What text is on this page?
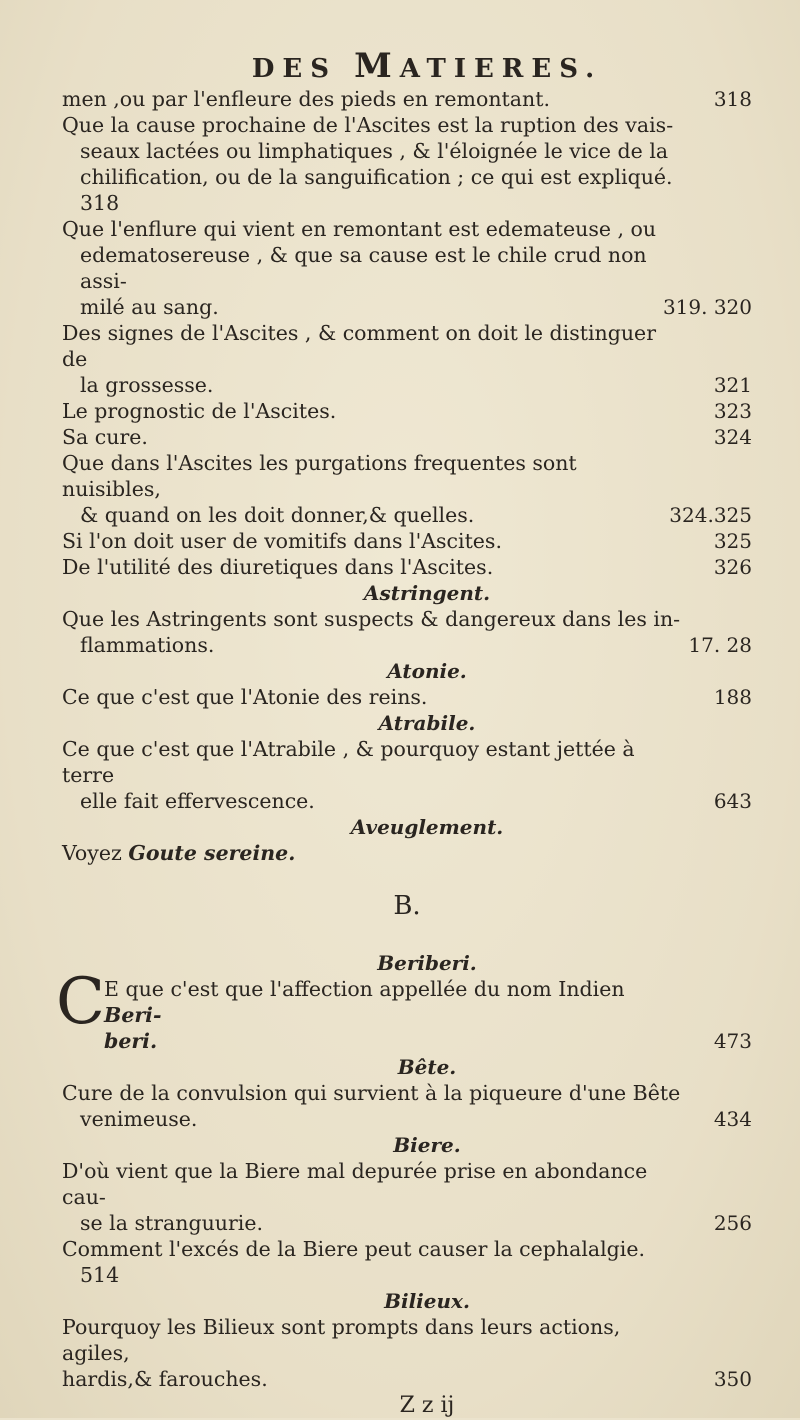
DES MATIERES.
men ,ou par l'enfleure des pieds en remontant.	318
Que la cause prochaine de l'Ascites est la ruption des vais-
seaux lactées ou limphatiques , & l'éloignée le vice de la
chilification, ou de la sanguification ; ce qui est expliqué.
318
Que l'enflure qui vient en remontant est edemateuse , ou
edematosereuse , & que sa cause est le chile crud non assi-
milé au sang.	319. 320
Des signes de l'Ascites , & comment on doit le distinguer de
la grossesse.	321
Le prognostic de l'Ascites.	323
Sa cure.	324
Que dans l'Ascites les purgations frequentes sont nuisibles,
& quand on les doit donner,& quelles.	324.325
Si l'on doit user de vomitifs dans l'Ascites.	325
De l'utilité des diuretiques dans l'Ascites.	326
Astringent.
Que les Astringents sont suspects & dangereux dans les in-
flammations.	17. 28
Atonie.
Ce que c'est que l'Atonie des reins.	188
Atrabile.
Ce que c'est que l'Atrabile , & pourquoy estant jettée à terre
elle fait effervescence.	643
Aveuglement.
Voyez Goute sereine.
B.
Beriberi.
C E que c'est que l'affection appellée du nom Indien Beri-
beri.	473
Bête.
Cure de la convulsion qui survient à la piqueure d'une Bête
venimeuse.	434
Biere.
D'où vient que la Biere mal depurée prise en abondance cau-
se la stranguurie.	256
Comment l'excés de la Biere peut causer la cephalalgie.
514
Bilieux.
Pourquoy les Bilieux sont prompts dans leurs actions, agiles,
hardis,& farouches.	350
Z z ij
